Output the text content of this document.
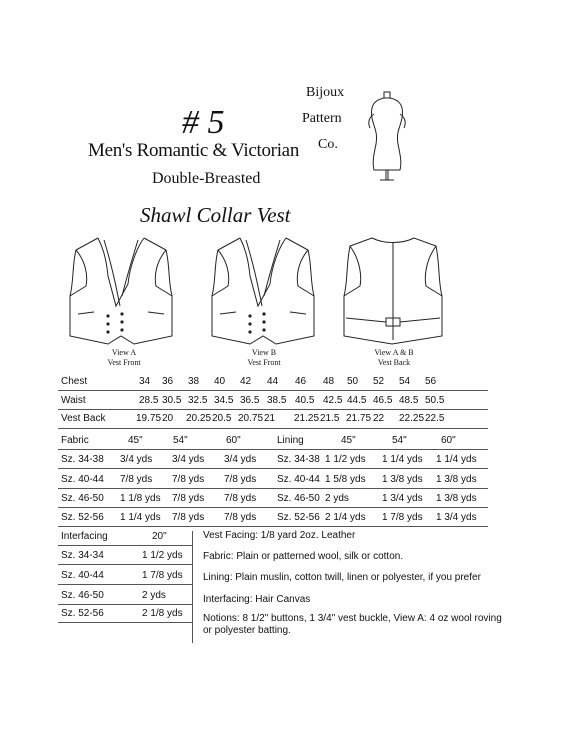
# 5
Men's Romantic & Victorian
Double-Breasted
Shawl Collar Vest
Bijoux
Pattern
Co.
View A
Vest Front
View B
Vest Front
View A & B
Vest Back
Chest	34 36 38 40 42 44 46 48 50 52 54 56
Waist	28.5 30.5 32.5 34.5 36.5 38.5 40.5 42.5 44.5 46.5 48.5 50.5
Vest Back	19.75 20 20.25 20.5 20.75 21 21.25 21.5 21.75 22 22.25 22.5
Fabric	45"	54"	60"	Lining	45"	54"	60"
Sz. 34-38 3/4 yds 3/4 yds 3/4 yds Sz. 34-38 1 1/2 yds 1 1/4 yds 1 1/4 yds
Sz. 40-44 7/8 yds 7/8 yds 7/8 yds Sz. 40-44 1 5/8 yds 1 3/8 yds 1 3/8 yds
Sz. 46-50 1 1/8 yds 7/8 yds 7/8 yds Sz. 46-50 2 yds	1 3/4 yds 1 3/8 yds
Sz. 52-56 1 1/4 yds 7/8 yds 7/8 yds Sz. 52-56 2 1/4 yds 1 7/8 yds 1 3/4 yds
Interfacing	20"
Sz. 34-34	1 1/2 yds
Sz. 40-44	1 7/8 yds
Sz. 46-50	2 yds
Sz. 52-56	2 1/8 yds
Vest Facing: 1/8 yard 2oz. Leather
Fabric: Plain or patterned wool, silk or cotton.
Lining: Plain muslin, cotton twill, linen or polyester, if you prefer
Interfacing: Hair Canvas
Notions: 8 1/2" buttons, 1 3/4" vest buckle, View A: 4 oz wool roving
or polyester batting.
